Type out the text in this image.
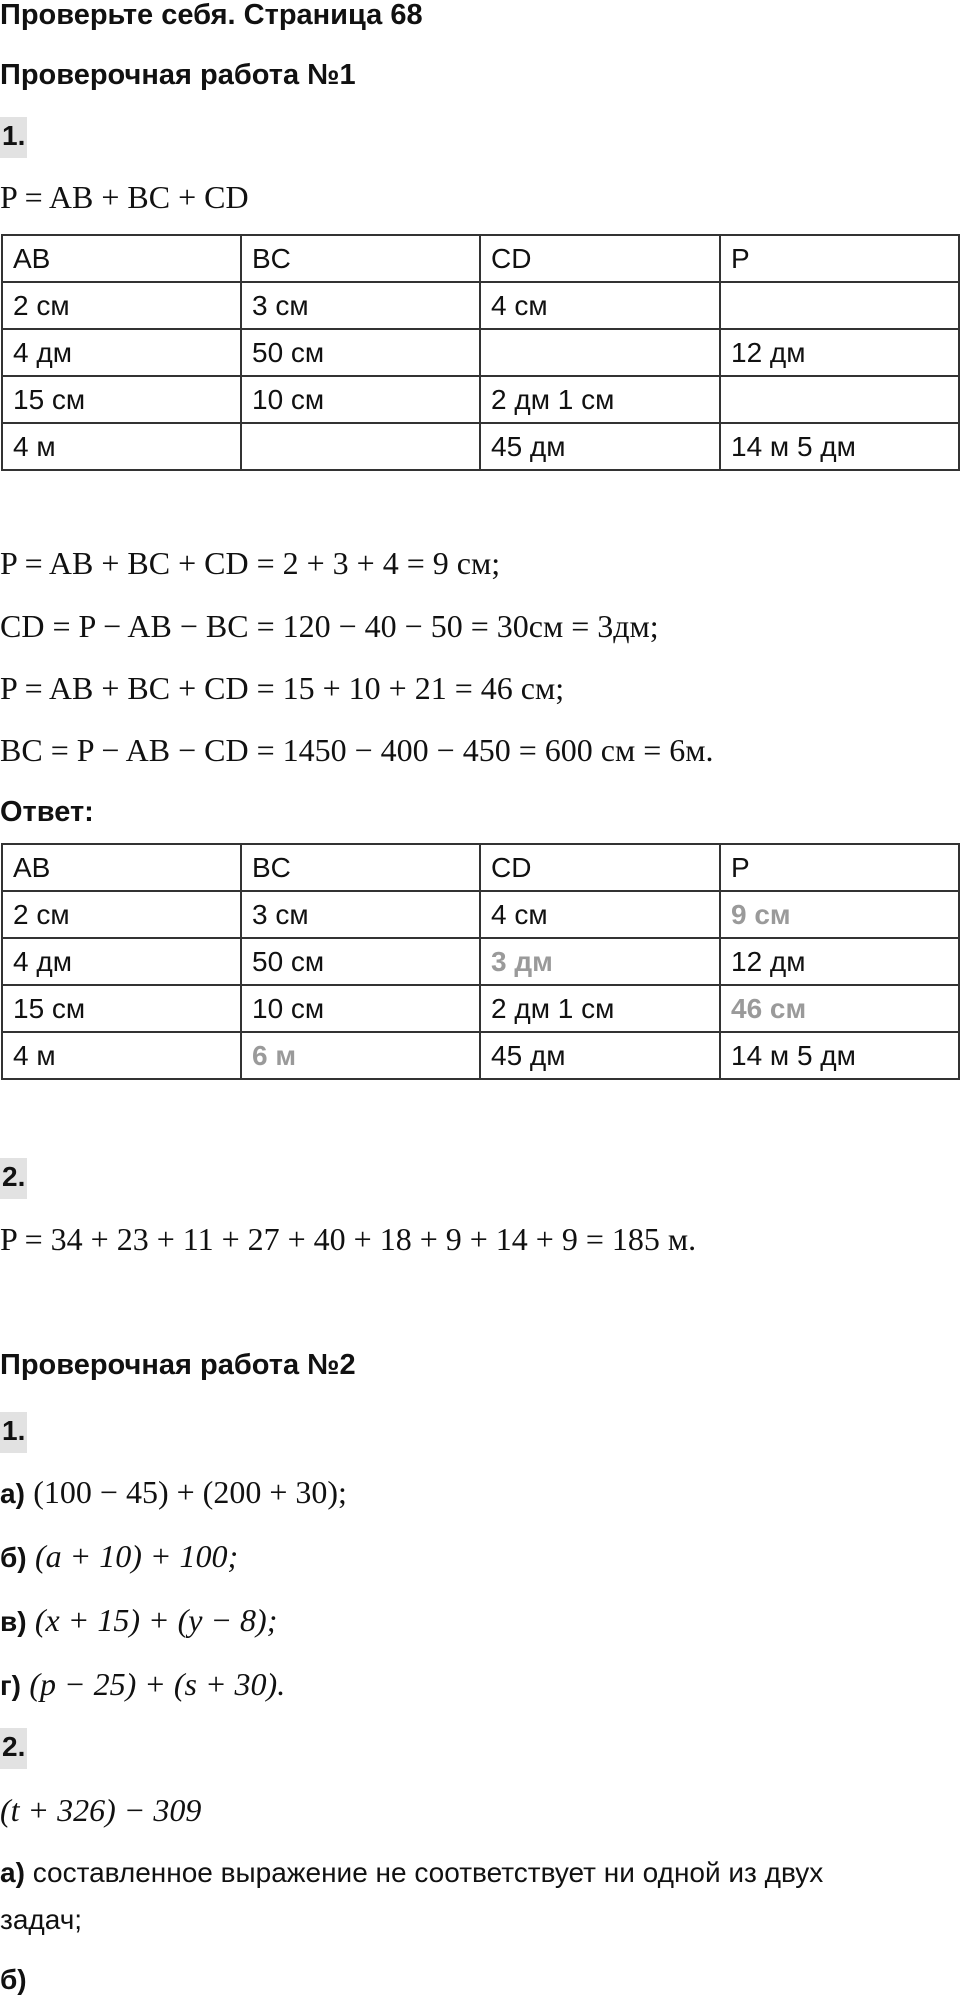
Проверьте себя. Страница 68
Проверочная работа №1
1.
P = AB + BC + CD
AB	BC	CD	P
2 см	3 см	4 см	
4 дм	50 см		12 дм
15 см	10 см	2 дм 1 см	
4 м		45 дм	14 м 5 дм
P = AB + BC + CD = 2 + 3 + 4 = 9 см;
CD = P − AB − BC = 120 − 40 − 50 = 30см = 3дм;
P = AB + BC + CD = 15 + 10 + 21 = 46 см;
BC = P − AB − CD = 1450 − 400 − 450 = 600 см = 6м.
Ответ:
AB	BC	CD	P
2 см	3 см	4 см	9 см
4 дм	50 см	3 дм	12 дм
15 см	10 см	2 дм 1 см	46 см
4 м	6 м	45 дм	14 м 5 дм
2.
P = 34 + 23 + 11 + 27 + 40 + 18 + 9 + 14 + 9 = 185 м.
Проверочная работа №2
1.
а) (100 − 45) + (200 + 30);
б) (a + 10) + 100;
в) (x + 15) + (y − 8);
г) (p − 25) + (s + 30).
2.
(t + 326) − 309
а) составленное выражение не соответствует ни одной из двух
задач;
б)
